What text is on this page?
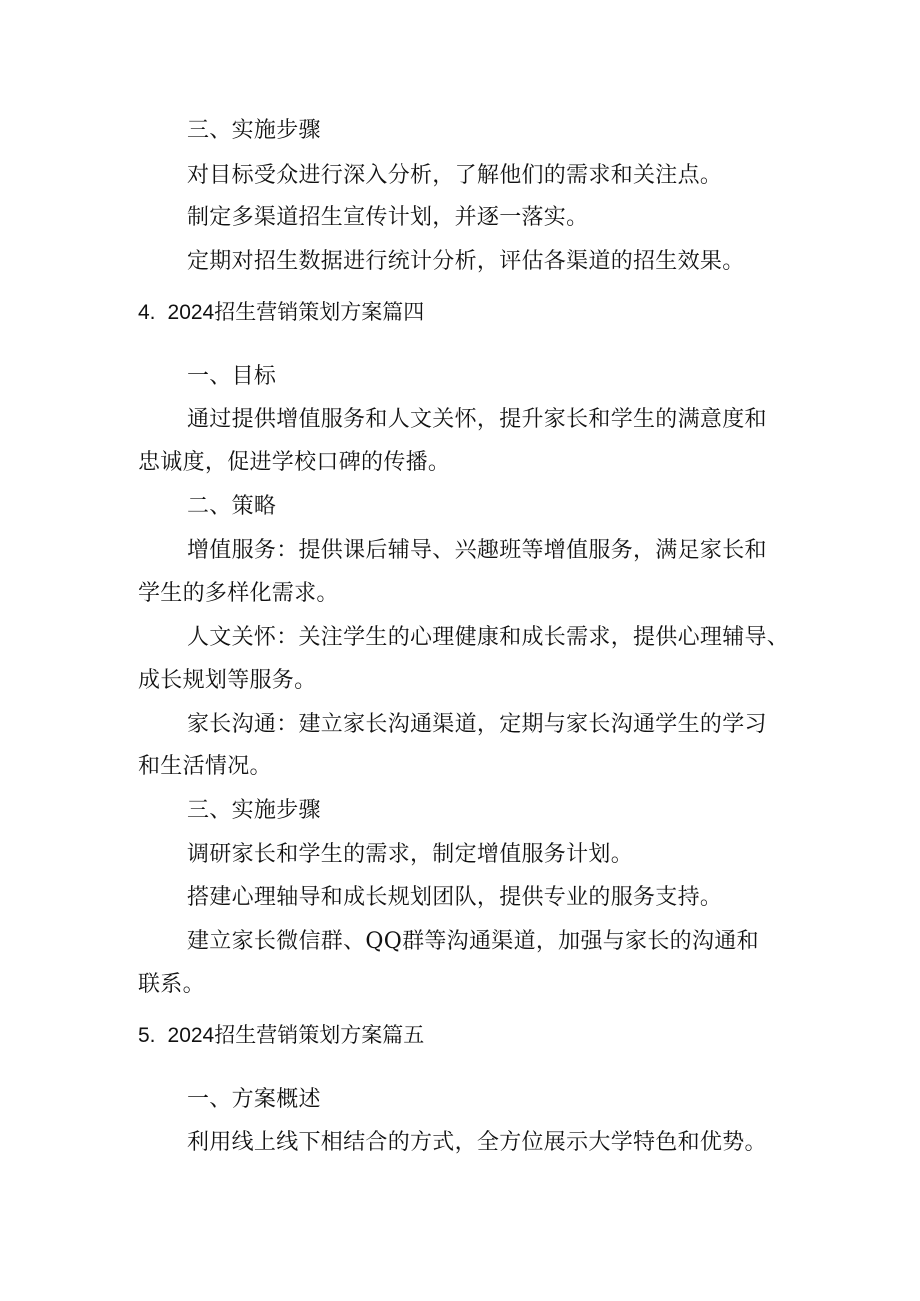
三、实施步骤
对目标受众进行深入分析，了解他们的需求和关注点。
制定多渠道招生宣传计划，并逐一落实。
定期对招生数据进行统计分析，评估各渠道的招生效果。
4. 2024招生营销策划方案篇四
一、目标
通过提供增值服务和人文关怀，提升家长和学生的满意度和
忠诚度，促进学校口碑的传播。
二、策略
增值服务：提供课后辅导、兴趣班等增值服务，满足家长和
学生的多样化需求。
人文关怀：关注学生的心理健康和成长需求，提供心理辅导、
成长规划等服务。
家长沟通：建立家长沟通渠道，定期与家长沟通学生的学习
和生活情况。
三、实施步骤
调研家长和学生的需求，制定增值服务计划。
搭建心理轴导和成长规划团队，提供专业的服务支持。
建立家长微信群、QQ群等沟通渠道，加强与家长的沟通和
联系。
5. 2024招生营销策划方案篇五
一、方案概述
利用线上线下相结合的方式，全方位展示大学特色和优势。
